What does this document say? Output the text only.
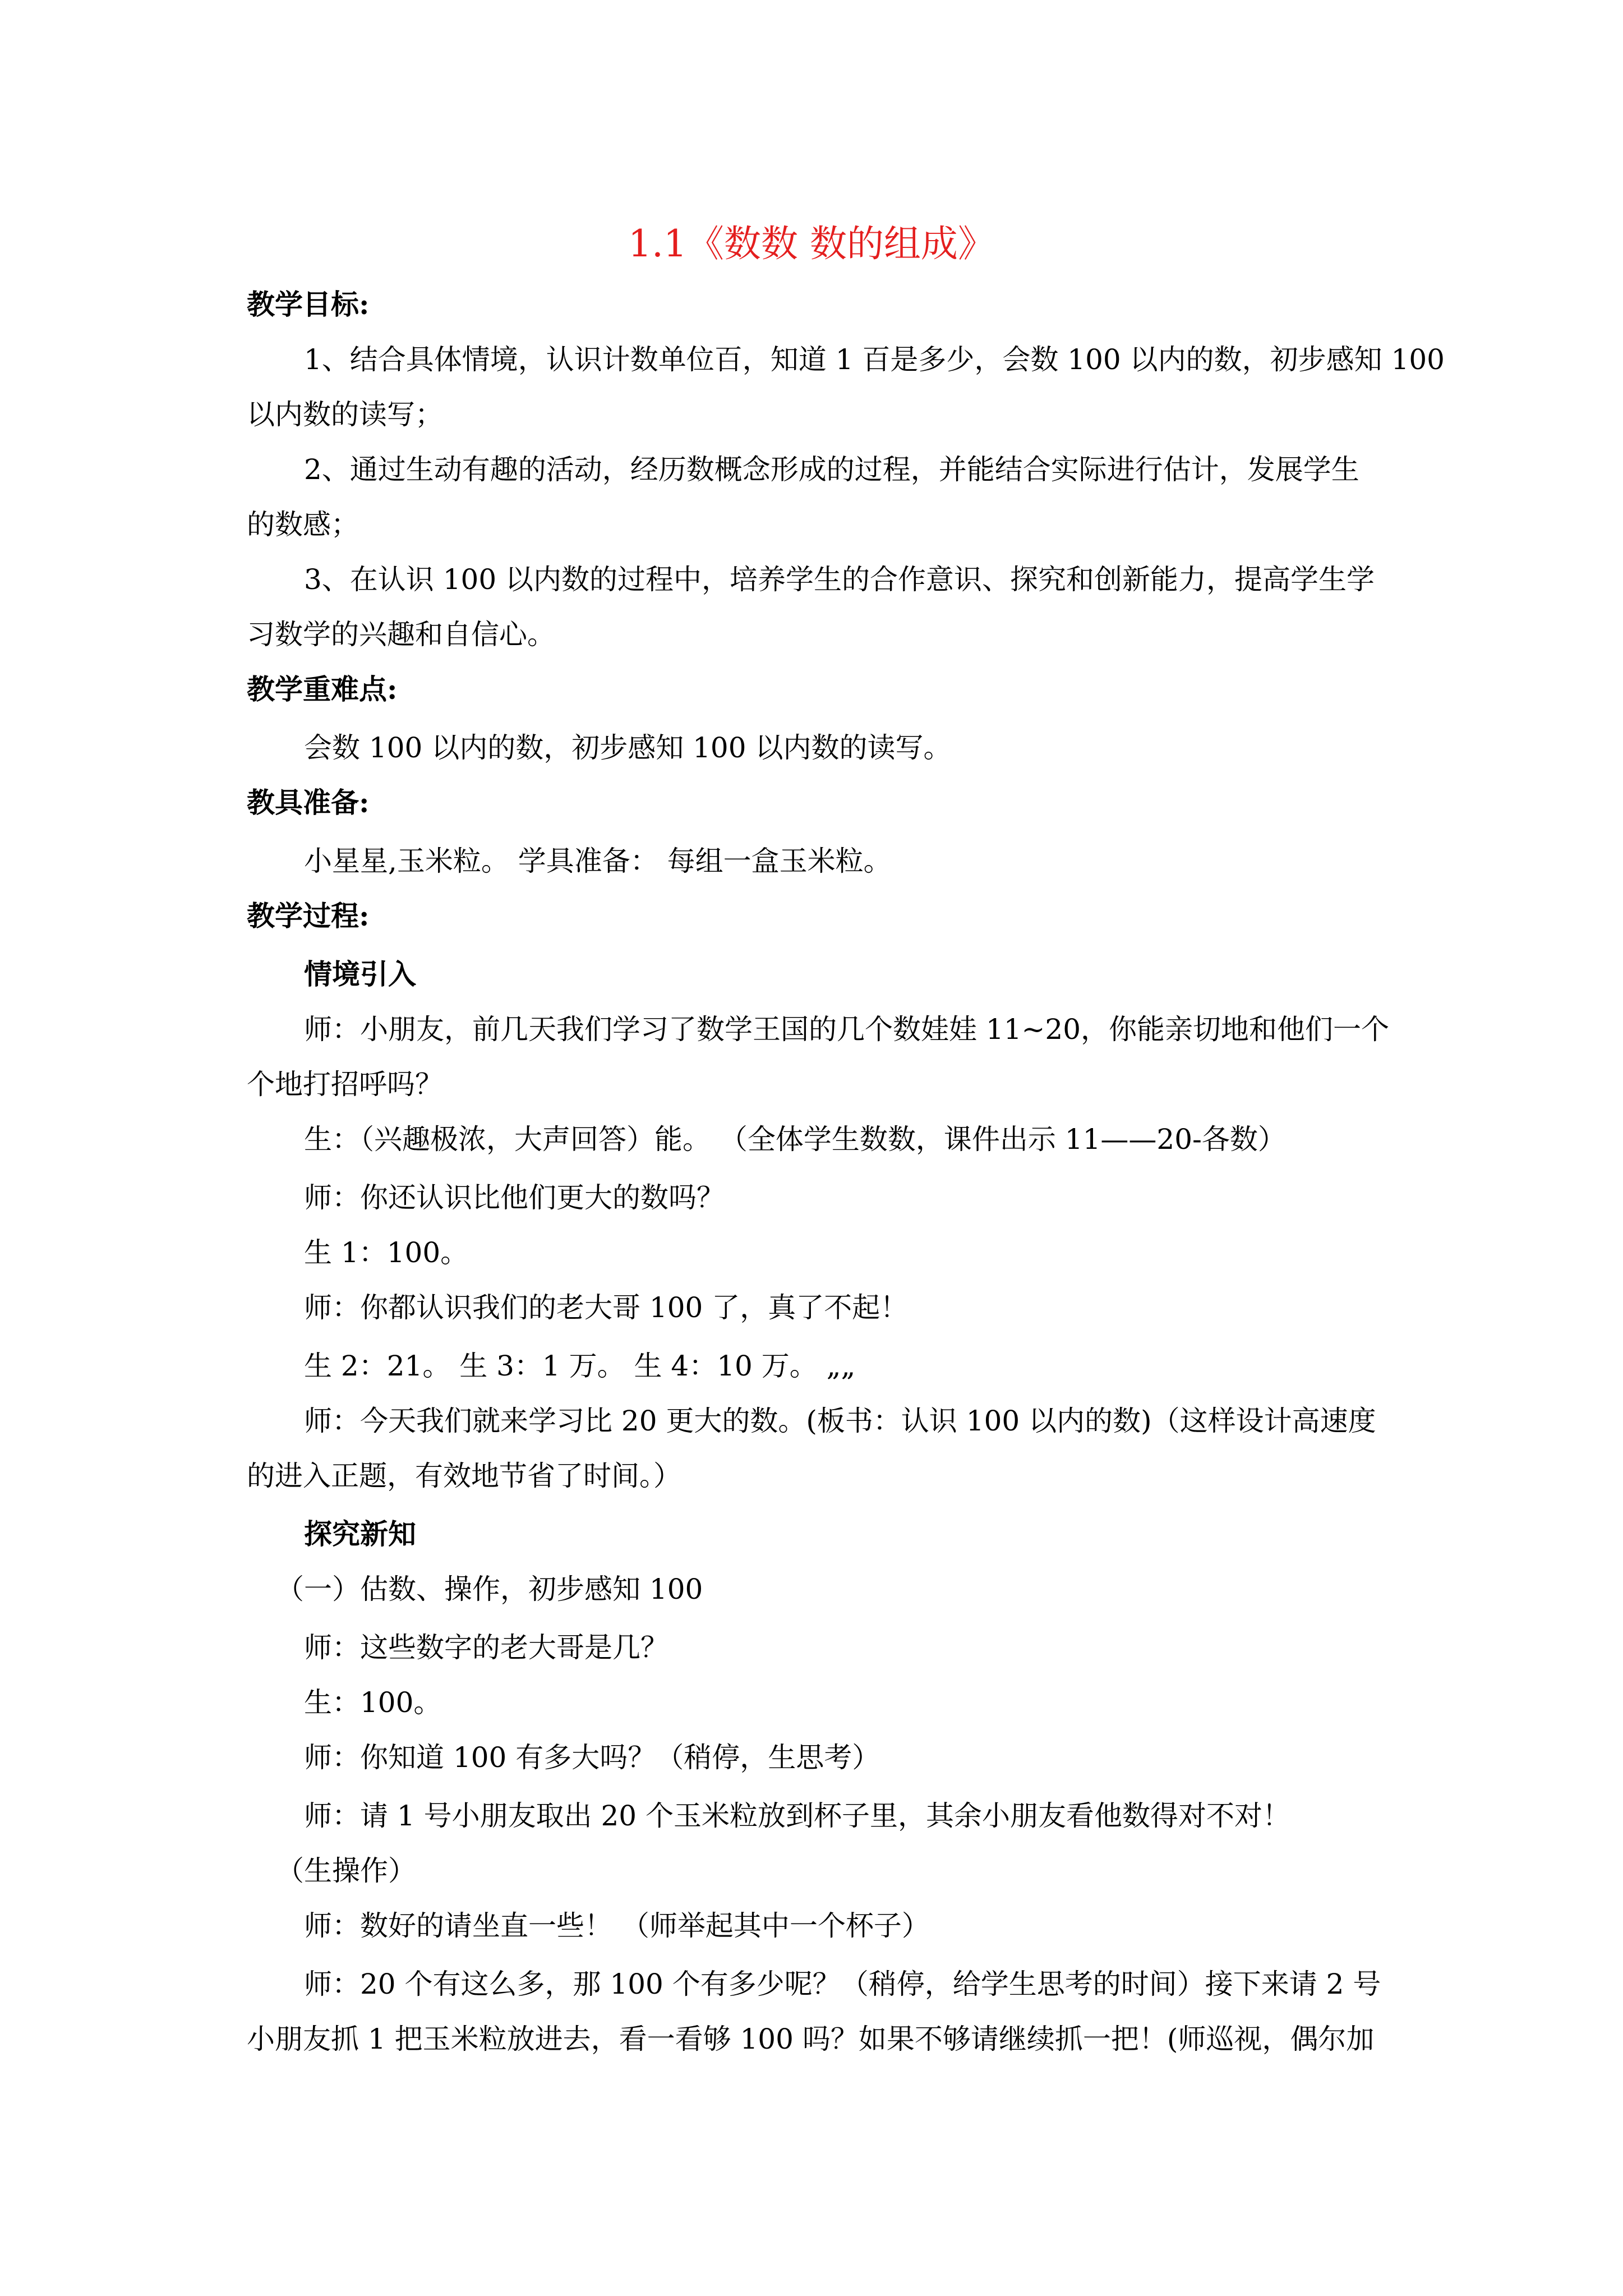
1.1《数数 数的组成》
教学目标:
1、结合具体情境，认识计数单位百，知道 1 百是多少，会数 100 以内的数，初步感知 100
以内数的读写；
2、通过生动有趣的活动，经历数概念形成的过程，并能结合实际进行估计，发展学生
的数感；
3、在认识 100 以内数的过程中，培养学生的合作意识、探究和创新能力，提高学生学
习数学的兴趣和自信心。
教学重难点:
会数 100 以内的数，初步感知 100 以内数的读写。
教具准备:
小星星,玉米粒。 学具准备： 每组一盒玉米粒。
教学过程:
情境引入
师：小朋友，前几天我们学习了数学王国的几个数娃娃 11~20，你能亲切地和他们一个
个地打招呼吗？
生：（兴趣极浓，大声回答）能。 （全体学生数数，课件出示 11——20-各数）
师：你还认识比他们更大的数吗？
生 1：100。
师：你都认识我们的老大哥 100 了，真了不起！
生 2：21。 生 3：1 万。 生 4：10 万。 „„
师：今天我们就来学习比 20 更大的数。(板书：认识 100 以内的数)（这样设计高速度
的进入正题，有效地节省了时间。）
探究新知
（一）估数、操作，初步感知 100
师：这些数字的老大哥是几？
生：100。
师：你知道 100 有多大吗？（稍停，生思考）
师：请 1 号小朋友取出 20 个玉米粒放到杯子里，其余小朋友看他数得对不对！
（生操作）
师：数好的请坐直一些！ （师举起其中一个杯子）
师：20 个有这么多，那 100 个有多少呢？（稍停，给学生思考的时间）接下来请 2 号
小朋友抓 1 把玉米粒放进去，看一看够 100 吗？如果不够请继续抓一把！(师巡视，偶尔加
